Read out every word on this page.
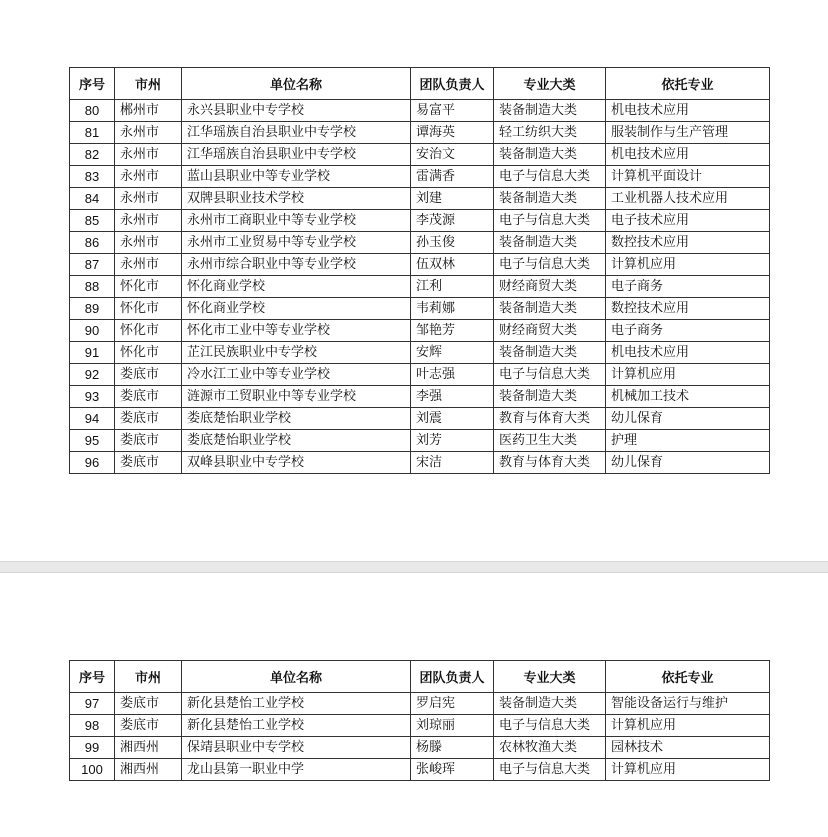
序号	市州	单位名称	团队负责人	专业大类	依托专业
80	郴州市	永兴县职业中专学校	易富平	装备制造大类	机电技术应用
81	永州市	江华瑶族自治县职业中专学校	谭海英	轻工纺织大类	服装制作与生产管理
82	永州市	江华瑶族自治县职业中专学校	安治文	装备制造大类	机电技术应用
83	永州市	蓝山县职业中等专业学校	雷满香	电子与信息大类	计算机平面设计
84	永州市	双牌县职业技术学校	刘建	装备制造大类	工业机器人技术应用
85	永州市	永州市工商职业中等专业学校	李茂源	电子与信息大类	电子技术应用
86	永州市	永州市工业贸易中等专业学校	孙玉俊	装备制造大类	数控技术应用
87	永州市	永州市综合职业中等专业学校	伍双林	电子与信息大类	计算机应用
88	怀化市	怀化商业学校	江利	财经商贸大类	电子商务
89	怀化市	怀化商业学校	韦莉娜	装备制造大类	数控技术应用
90	怀化市	怀化市工业中等专业学校	邹艳芳	财经商贸大类	电子商务
91	怀化市	芷江民族职业中专学校	安辉	装备制造大类	机电技术应用
92	娄底市	冷水江工业中等专业学校	叶志强	电子与信息大类	计算机应用
93	娄底市	涟源市工贸职业中等专业学校	李强	装备制造大类	机械加工技术
94	娄底市	娄底楚怡职业学校	刘震	教育与体育大类	幼儿保育
95	娄底市	娄底楚怡职业学校	刘芳	医药卫生大类	护理
96	娄底市	双峰县职业中专学校	宋洁	教育与体育大类	幼儿保育
序号	市州	单位名称	团队负责人	专业大类	依托专业
97	娄底市	新化县楚怡工业学校	罗启宪	装备制造大类	智能设备运行与维护
98	娄底市	新化县楚怡工业学校	刘琼丽	电子与信息大类	计算机应用
99	湘西州	保靖县职业中专学校	杨滕	农林牧渔大类	园林技术
100	湘西州	龙山县第一职业中学	张峻珲	电子与信息大类	计算机应用
